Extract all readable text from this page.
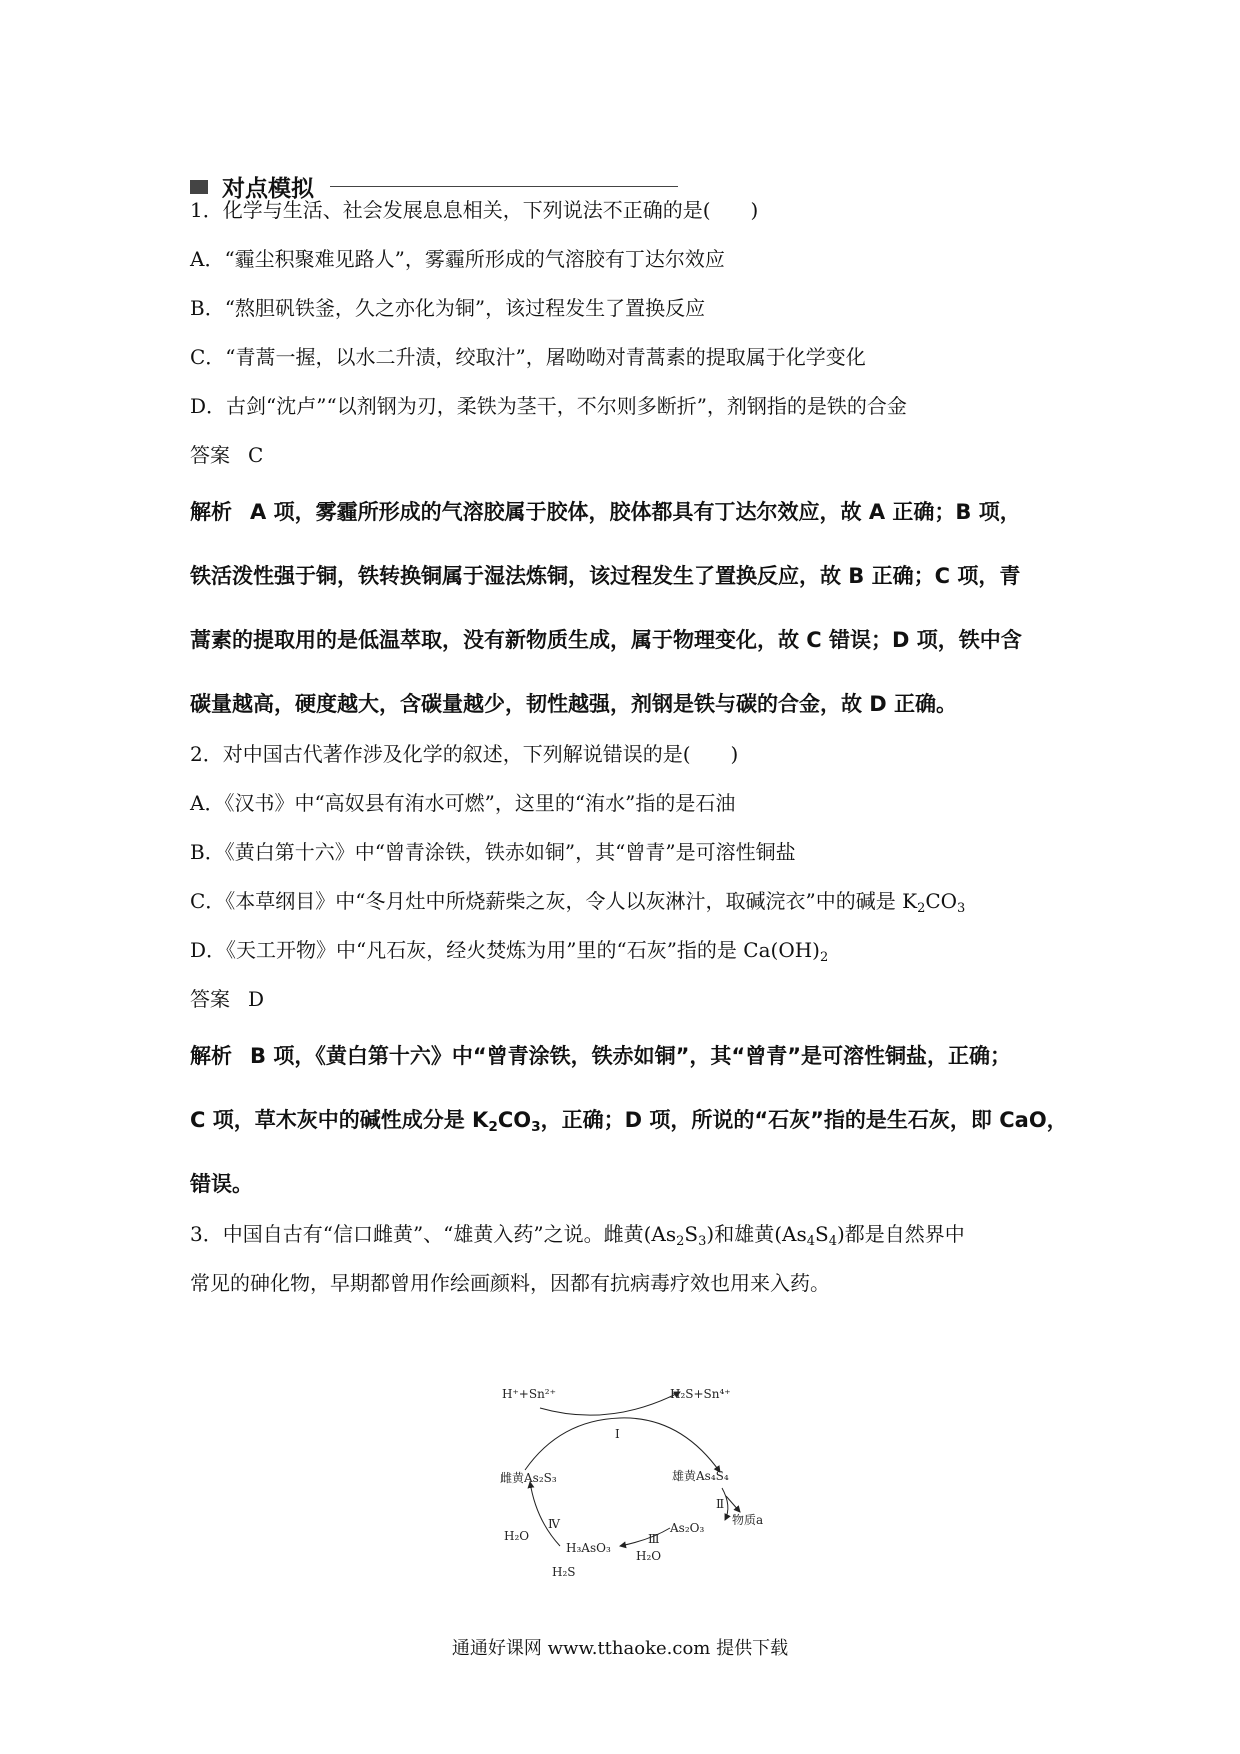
对点模拟
1．化学与生活、社会发展息息相关，下列说法不正确的是(　　)
A．“霾尘积聚难见路人”，雾霾所形成的气溶胶有丁达尔效应
B．“熬胆矾铁釜，久之亦化为铜”，该过程发生了置换反应
C．“青蒿一握，以水二升渍，绞取汁”，屠呦呦对青蒿素的提取属于化学变化
D．古剑“沈卢”“以剂钢为刃，柔铁为茎干，不尔则多断折”，剂钢指的是铁的合金
答案 C
解析 A 项，雾霾所形成的气溶胶属于胶体，胶体都具有丁达尔效应，故 A 正确；B 项，
铁活泼性强于铜，铁转换铜属于湿法炼铜，该过程发生了置换反应，故 B 正确；C 项，青
蒿素的提取用的是低温萃取，没有新物质生成，属于物理变化，故 C 错误；D 项，铁中含
碳量越高，硬度越大，含碳量越少，韧性越强，剂钢是铁与碳的合金，故 D 正确。
2．对中国古代著作涉及化学的叙述，下列解说错误的是(　　)
A．《汉书》中“高奴县有洧水可燃”，这里的“洧水”指的是石油
B．《黄白第十六》中“曾青涂铁，铁赤如铜”，其“曾青”是可溶性铜盐
C．《本草纲目》中“冬月灶中所烧薪柴之灰，令人以灰淋汁，取碱浣衣”中的碱是 $K_2CO_3$
D．《天工开物》中“凡石灰，经火焚炼为用”里的“石灰”指的是 $Ca(OH)_2$
答案 D
解析 B 项，《黄白第十六》中“曾青涂铁，铁赤如铜”，其“曾青”是可溶性铜盐，正确；
C 项，草木灰中的碱性成分是 $K_2CO_3$，正确；D 项，所说的“石灰”指的是生石灰，即 CaO，
错误。
3．中国自古有“信口雌黄”、“雄黄入药”之说。雌黄$(As_2S_3)$和雄黄$(As_4S_4)$都是自然界中
常见的砷化物，早期都曾用作绘画颜料，因都有抗病毒疗效也用来入药。
H⁺+Sn²⁺	H₂S+Sn⁴⁺
Ⅰ
雌黄As₂S₃	雄黄As₄S₄
Ⅱ
物质a
As₂O₃
Ⅲ
H₂O
H₃AsO₃
Ⅳ
H₂O
H₂S
通通好课网 www.tthaoke.com 提供下载
